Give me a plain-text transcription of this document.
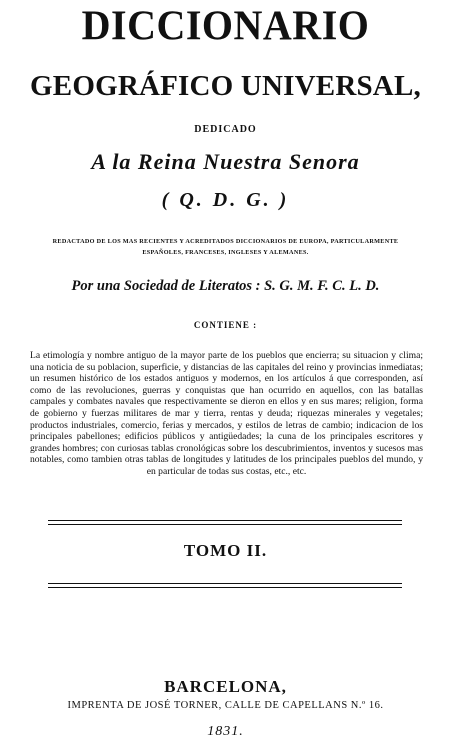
DICCIONARIO
GEOGRÁFICO UNIVERSAL,
DEDICADO
A la Reina Nuestra Senora
( Q. D. G. )
REDACTADO DE LOS MAS RECIENTES Y ACREDITADOS DICCIONARIOS DE EUROPA, PARTICULARMENTE
ESPAÑOLES, FRANCESES, INGLESES Y ALEMANES.
Por una Sociedad de Literatos : S. G. M. F. C. L. D.
CONTIENE :

La etimología y nombre antiguo de la mayor parte de los pueblos que encierra; su situacion y clima; una noticia de su poblacion, superficie, y distancias de las capitales del reino y provincias inmediatas; un resumen histórico de los estados antiguos y modernos, en los artículos á que corresponden, así como de las revoluciones, guerras y conquistas que han ocurrido en aquellos, con las batallas campales y combates navales que respectivamente se dieron en ellos y en sus mares; religion, forma de gobierno y fuerzas militares de mar y tierra, rentas y deuda; riquezas minerales y vegetales; productos industriales, comercio, ferias y mercados, y estilos de letras de cambio; indicacion de los principales pabellones; edificios públicos y antigüedades; la cuna de los principales escritores y grandes hombres; con curiosas tablas cronológicas sobre los descubrimientos, inventos y sucesos mas notables, como tambien otras tablas de longitudes y latitudes de los principales pueblos del mundo, y en particular de todas sus costas, etc., etc.

TOMO II.
BARCELONA,
IMPRENTA DE JOSÉ TORNER, CALLE DE CAPELLANS N.º 16.
1831.
